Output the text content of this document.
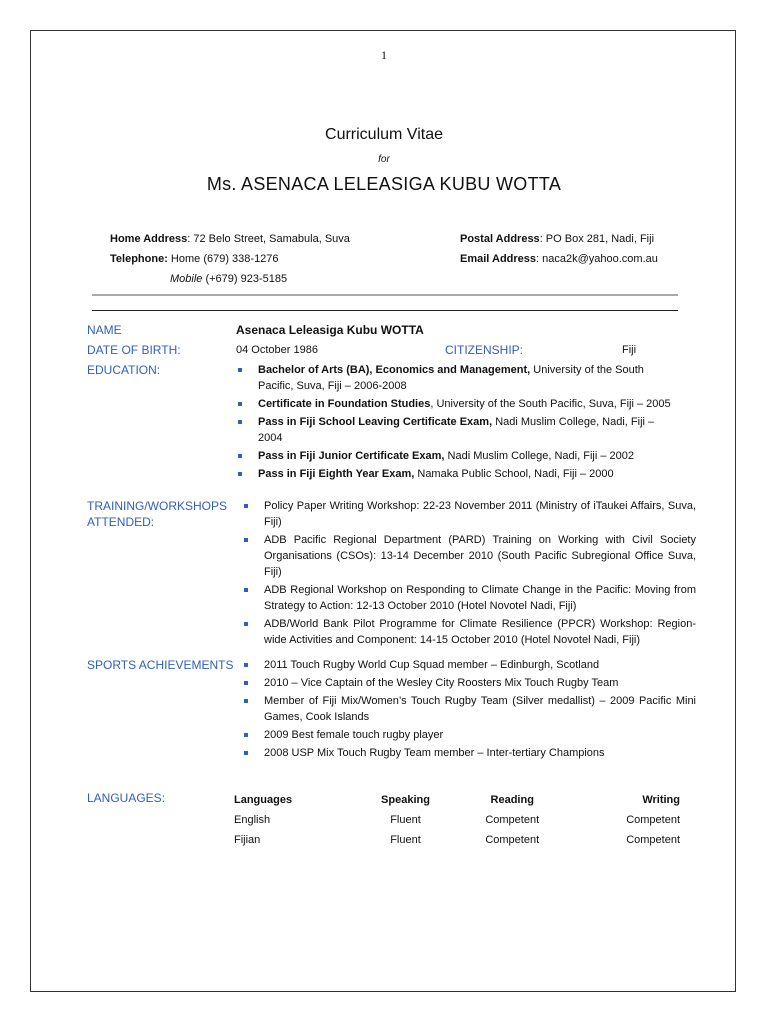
1
Curriculum Vitae
for
Ms. ASENACA LELEASIGA KUBU WOTTA
Home Address: 72 Belo Street, Samabula, Suva
Telephone: Home (679) 338-1276
Mobile (+679) 923-5185
Postal Address: PO Box 281, Nadi, Fiji
Email Address: naca2k@yahoo.com.au
NAME	Asenaca Leleasiga Kubu WOTTA
DATE OF BIRTH:	04 October 1986	CITIZENSHIP:	Fiji
EDUCATION:	Bachelor of Arts (BA), Economics and Management, University of the South Pacific, Suva, Fiji – 2006-2008
Certificate in Foundation Studies, University of the South Pacific, Suva, Fiji – 2005
Pass in Fiji School Leaving Certificate Exam, Nadi Muslim College, Nadi, Fiji – 2004
Pass in Fiji Junior Certificate Exam, Nadi Muslim College, Nadi, Fiji – 2002
Pass in Fiji Eighth Year Exam, Namaka Public School, Nadi, Fiji – 2000
TRAINING/WORKSHOPS
ATTENDED:
Policy Paper Writing Workshop: 22-23 November 2011 (Ministry of iTaukei Affairs, Suva, Fiji)
ADB Pacific Regional Department (PARD) Training on Working with Civil Society Organisations (CSOs): 13-14 December 2010 (South Pacific Subregional Office Suva, Fiji)
ADB Regional Workshop on Responding to Climate Change in the Pacific: Moving from Strategy to Action: 12-13 October 2010 (Hotel Novotel Nadi, Fiji)
ADB/World Bank Pilot Programme for Climate Resilience (PPCR) Workshop: Region-wide Activities and Component: 14-15 October 2010 (Hotel Novotel Nadi, Fiji)
SPORTS ACHIEVEMENTS	2011 Touch Rugby World Cup Squad member – Edinburgh, Scotland
2010 – Vice Captain of the Wesley City Roosters Mix Touch Rugby Team
Member of Fiji Mix/Women’s Touch Rugby Team (Silver medallist) – 2009 Pacific Mini Games, Cook Islands
2009 Best female touch rugby player
2008 USP Mix Touch Rugby Team member – Inter-tertiary Champions
LANGUAGES:	Languages	Speaking	Reading	Writing
English	Fluent	Competent	Competent
Fijian	Fluent	Competent	Competent
